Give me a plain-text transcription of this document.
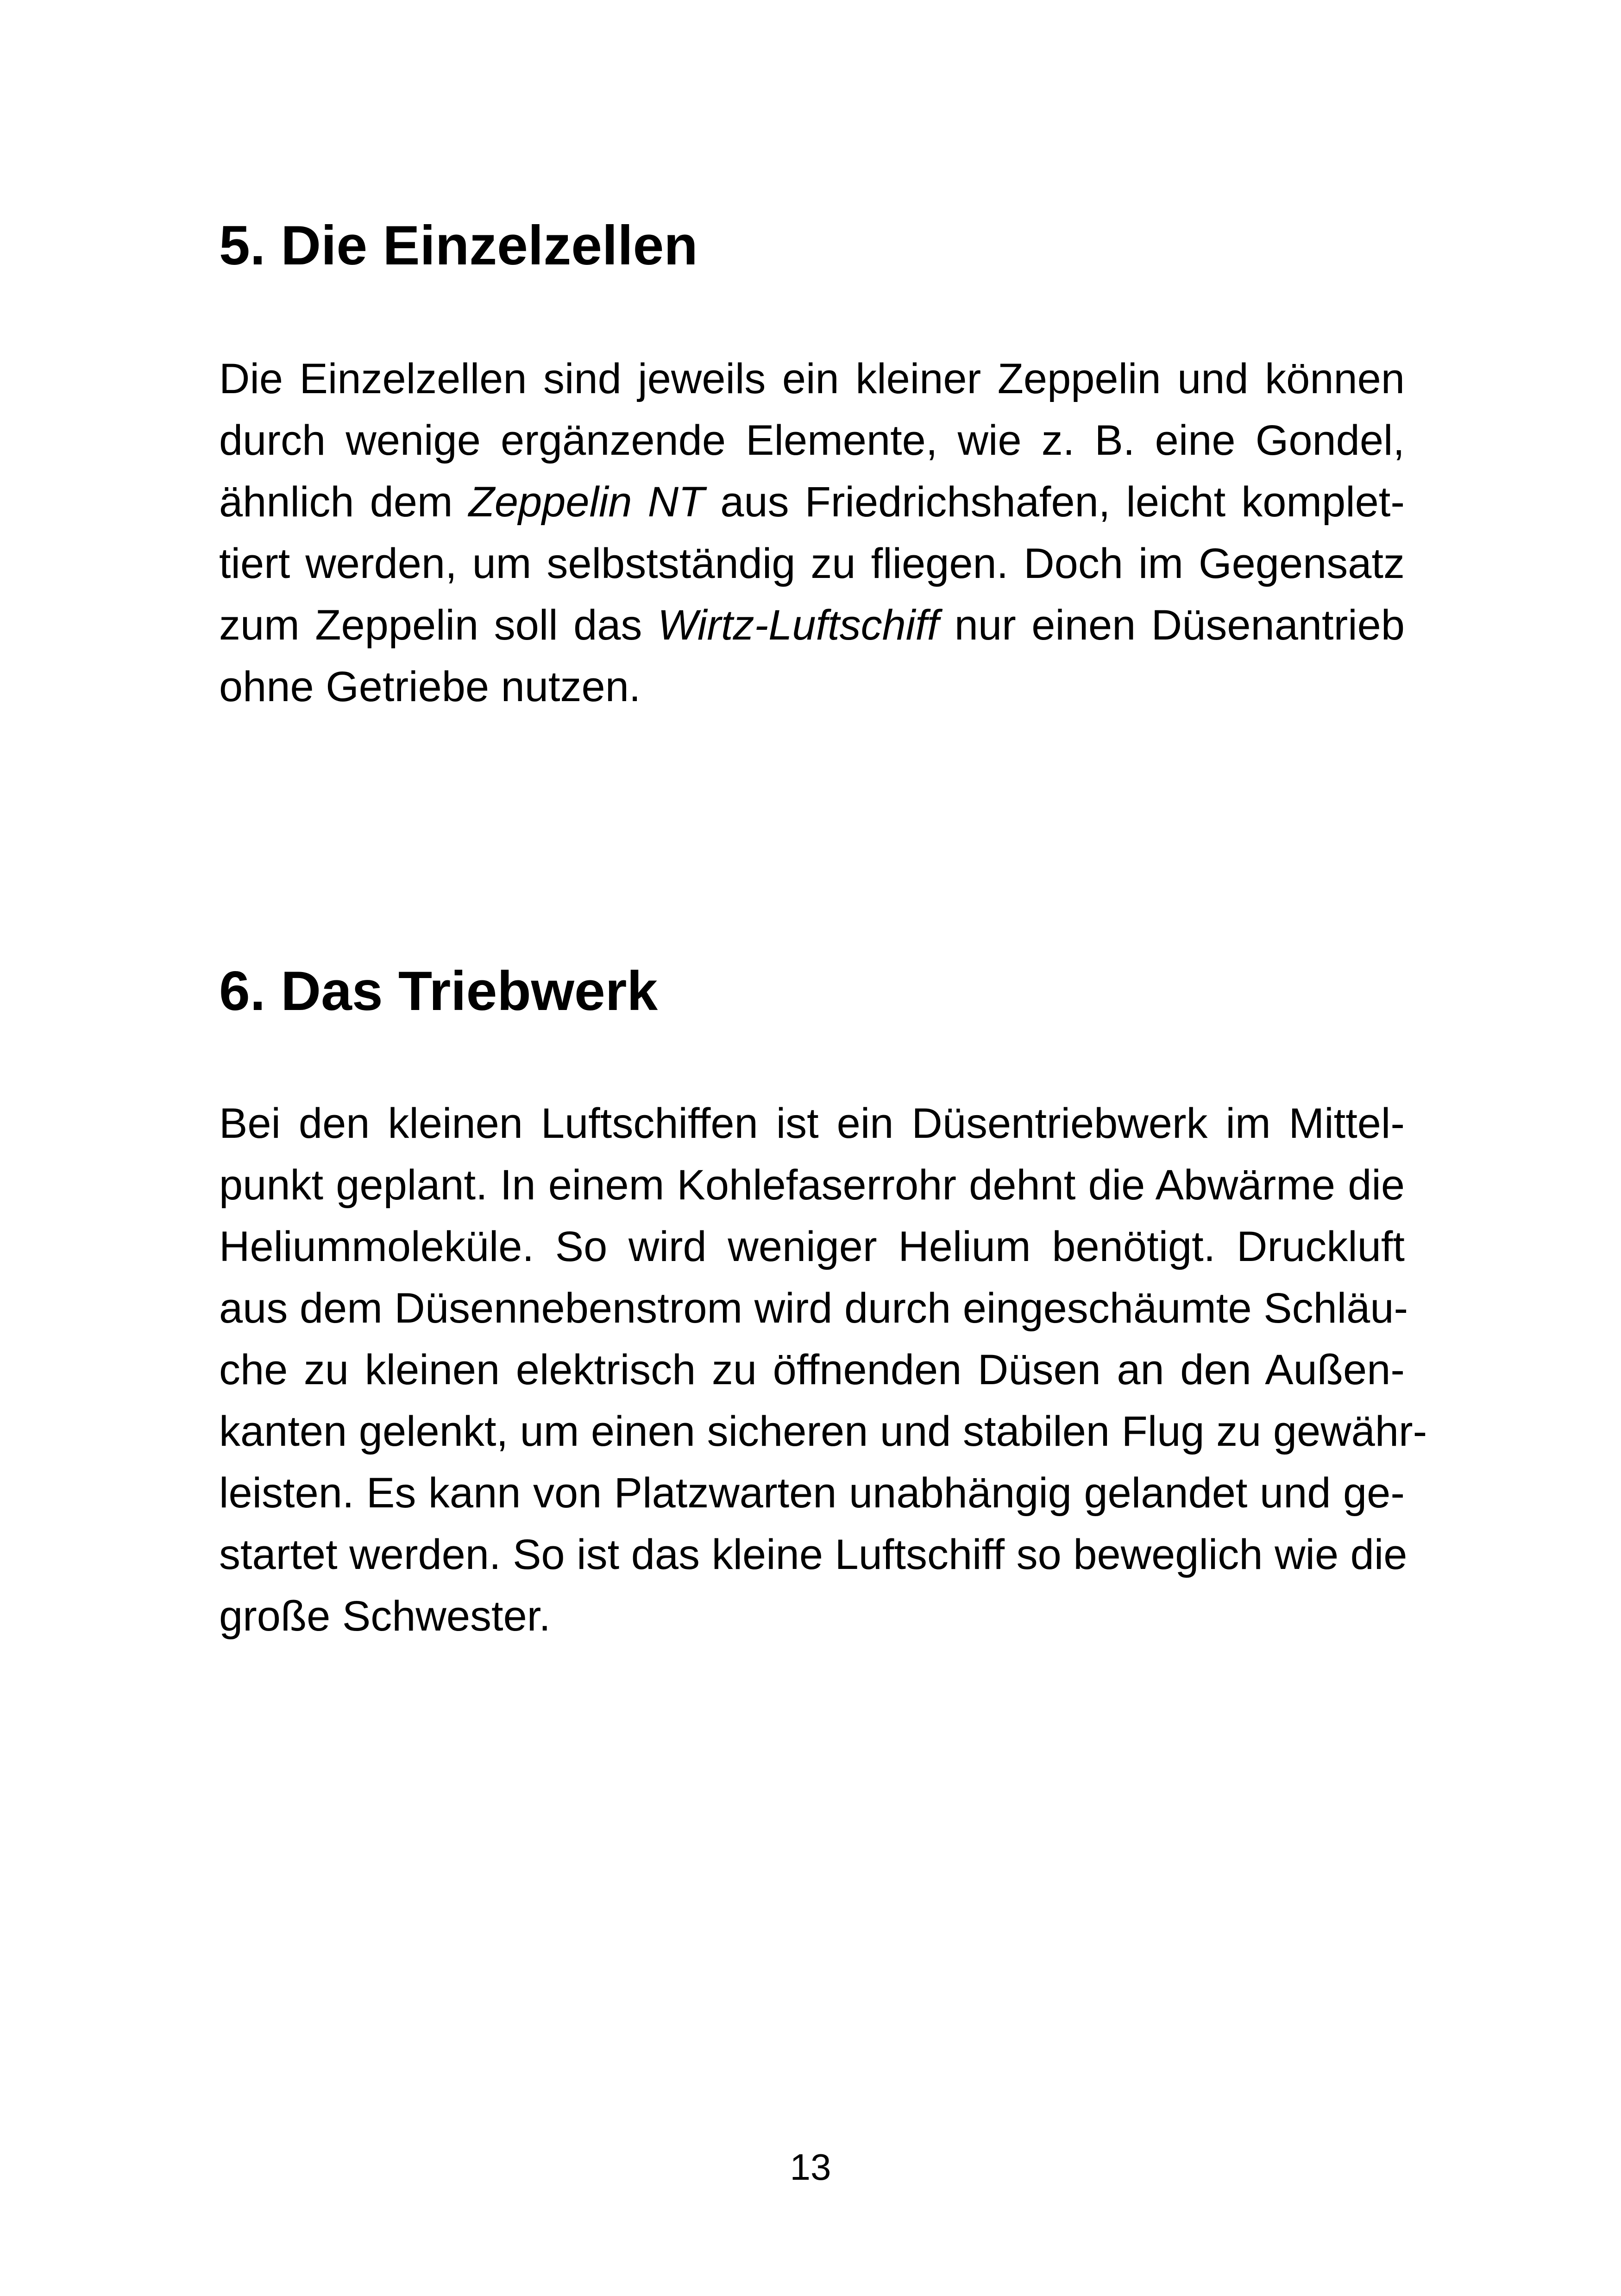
5. Die Einzelzellen

Die Einzelzellen sind jeweils ein kleiner Zeppelin und können
durch wenige ergänzende Elemente, wie z. B. eine Gondel,
ähnlich dem Zeppelin NT aus Friedrichshafen, leicht komplet-
tiert werden, um selbstständig zu fliegen. Doch im Gegensatz
zum Zeppelin soll das Wirtz-Luftschiff nur einen Düsenantrieb
ohne Getriebe nutzen.

6. Das Triebwerk

Bei den kleinen Luftschiffen ist ein Düsentriebwerk im Mittel-
punkt geplant. In einem Kohlefaserrohr dehnt die Abwärme die
Heliummoleküle. So wird weniger Helium benötigt. Druckluft
aus dem Düsennebenstrom wird durch eingeschäumte Schläu-
che zu kleinen elektrisch zu öffnenden Düsen an den Außen-
kanten gelenkt, um einen sicheren und stabilen Flug zu gewähr-
leisten. Es kann von Platzwarten unabhängig gelandet und ge-
startet werden. So ist das kleine Luftschiff so beweglich wie die
große Schwester.

13
